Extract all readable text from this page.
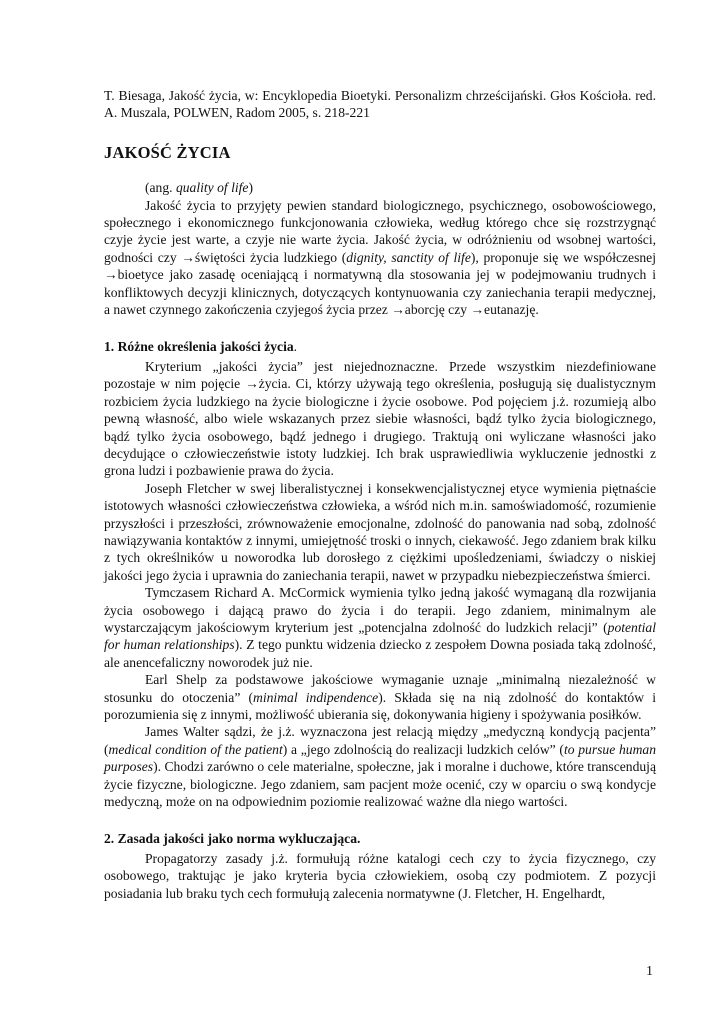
T. Biesaga, Jakość życia, w: Encyklopedia Bioetyki. Personalizm chrześcijański. Głos Kościoła. red. A. Muszala, POLWEN, Radom 2005, s. 218-221

JAKOŚĆ ŻYCIA

(ang. quality of life)

Jakość życia to przyjęty pewien standard biologicznego, psychicznego, osobowościowego, społecznego i ekonomicznego funkcjonowania człowieka, według którego chce się rozstrzygnąć czyje życie jest warte, a czyje nie warte życia. Jakość życia, w odróżnieniu od wsobnej wartości, godności czy →świętości życia ludzkiego (dignity, sanctity of life), proponuje się we współczesnej →bioetyce jako zasadę oceniającą i normatywną dla stosowania jej w podejmowaniu trudnych i konfliktowych decyzji klinicznych, dotyczących kontynuowania czy zaniechania terapii medycznej, a nawet czynnego zakończenia czyjegoś życia przez →aborcję czy →eutanazję.

1. Różne określenia jakości życia.

Kryterium „jakości życia” jest niejednoznaczne. Przede wszystkim niezdefiniowane pozostaje w nim pojęcie →życia. Ci, którzy używają tego określenia, posługują się dualistycznym rozbiciem życia ludzkiego na życie biologiczne i życie osobowe. Pod pojęciem j.ż. rozumieją albo pewną własność, albo wiele wskazanych przez siebie własności, bądź tylko życia biologicznego, bądź tylko życia osobowego, bądź jednego i drugiego. Traktują oni wyliczane własności jako decydujące o człowieczeństwie istoty ludzkiej. Ich brak usprawiedliwia wykluczenie jednostki z grona ludzi i pozbawienie prawa do życia.

Joseph Fletcher w swej liberalistycznej i konsekwencjalistycznej etyce wymienia piętnaście istotowych własności człowieczeństwa człowieka, a wśród nich m.in. samoświadomość, rozumienie przyszłości i przeszłości, zrównoważenie emocjonalne, zdolność do panowania nad sobą, zdolność nawiązywania kontaktów z innymi, umiejętność troski o innych, ciekawość. Jego zdaniem brak kilku z tych określników u noworodka lub dorosłego z ciężkimi upośledzeniami, świadczy o niskiej jakości jego życia i uprawnia do zaniechania terapii, nawet w przypadku niebezpieczeństwa śmierci.

Tymczasem Richard A. McCormick wymienia tylko jedną jakość wymaganą dla rozwijania życia osobowego i dającą prawo do życia i do terapii. Jego zdaniem, minimalnym ale wystarczającym jakościowym kryterium jest „potencjalna zdolność do ludzkich relacji” (potential for human relationships). Z tego punktu widzenia dziecko z zespołem Downa posiada taką zdolność, ale anencefaliczny noworodek już nie.

Earl Shelp za podstawowe jakościowe wymaganie uznaje „minimalną niezależność w stosunku do otoczenia” (minimal indipendence). Składa się na nią zdolność do kontaktów i porozumienia się z innymi, możliwość ubierania się, dokonywania higieny i spożywania posiłków.

James Walter sądzi, że j.ż. wyznaczona jest relacją między „medyczną kondycją pacjenta” (medical condition of the patient) a „jego zdolnością do realizacji ludzkich celów” (to pursue human purposes). Chodzi zarówno o cele materialne, społeczne, jak i moralne i duchowe, które transcendują życie fizyczne, biologiczne. Jego zdaniem, sam pacjent może ocenić, czy w oparciu o swą kondycje medyczną, może on na odpowiednim poziomie realizować ważne dla niego wartości.

2. Zasada jakości jako norma wykluczająca.

Propagatorzy zasady j.ż. formułują różne katalogi cech czy to życia fizycznego, czy osobowego, traktując je jako kryteria bycia człowiekiem, osobą czy podmiotem. Z pozycji posiadania lub braku tych cech formułują zalecenia normatywne (J. Fletcher, H. Engelhardt,

1
